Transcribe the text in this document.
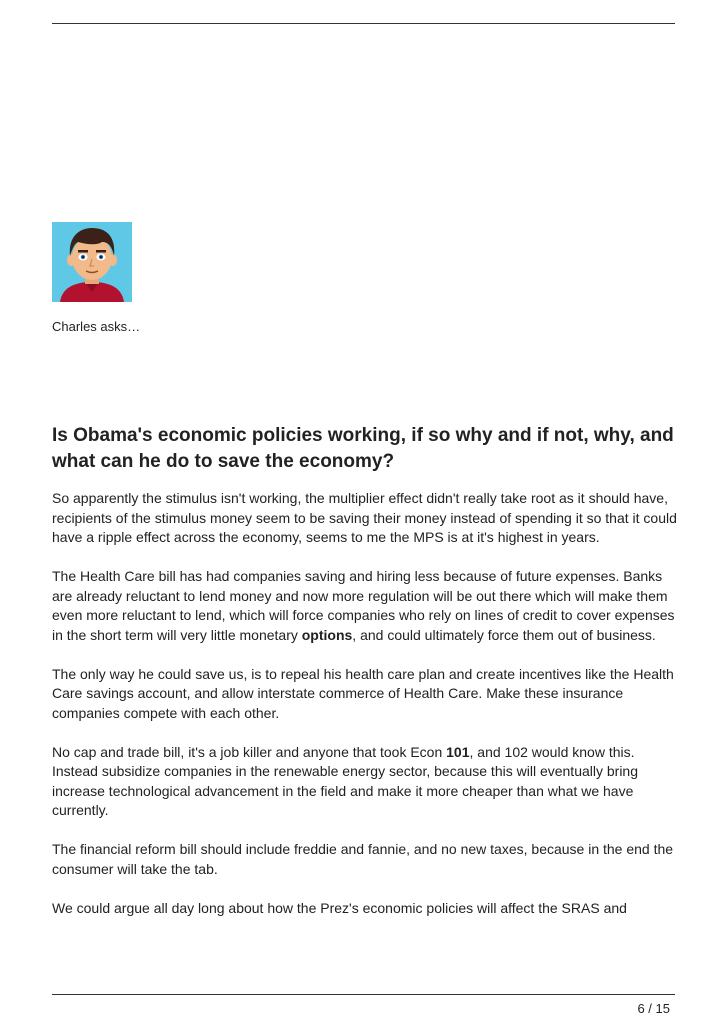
Charles asks…

Is Obama's economic policies working, if so why and if not, why, and what can he do to save the economy?

So apparently the stimulus isn't working, the multiplier effect didn't really take root as it should have, recipients of the stimulus money seem to be saving their money instead of spending it so that it could have a ripple effect across the economy, seems to me the MPS is at it's highest in years.

The Health Care bill has had companies saving and hiring less because of future expenses. Banks are already reluctant to lend money and now more regulation will be out there which will make them even more reluctant to lend, which will force companies who rely on lines of credit to cover expenses in the short term will very little monetary options, and could ultimately force them out of business.

The only way he could save us, is to repeal his health care plan and create incentives like the Health Care savings account, and allow interstate commerce of Health Care. Make these insurance companies compete with each other.

No cap and trade bill, it's a job killer and anyone that took Econ 101, and 102 would know this. Instead subsidize companies in the renewable energy sector, because this will eventually bring increase technological advancement in the field and make it more cheaper than what we have currently.

The financial reform bill should include freddie and fannie, and no new taxes, because in the end the consumer will take the tab.

We could argue all day long about how the Prez's economic policies will affect the SRAS and

6 / 15
